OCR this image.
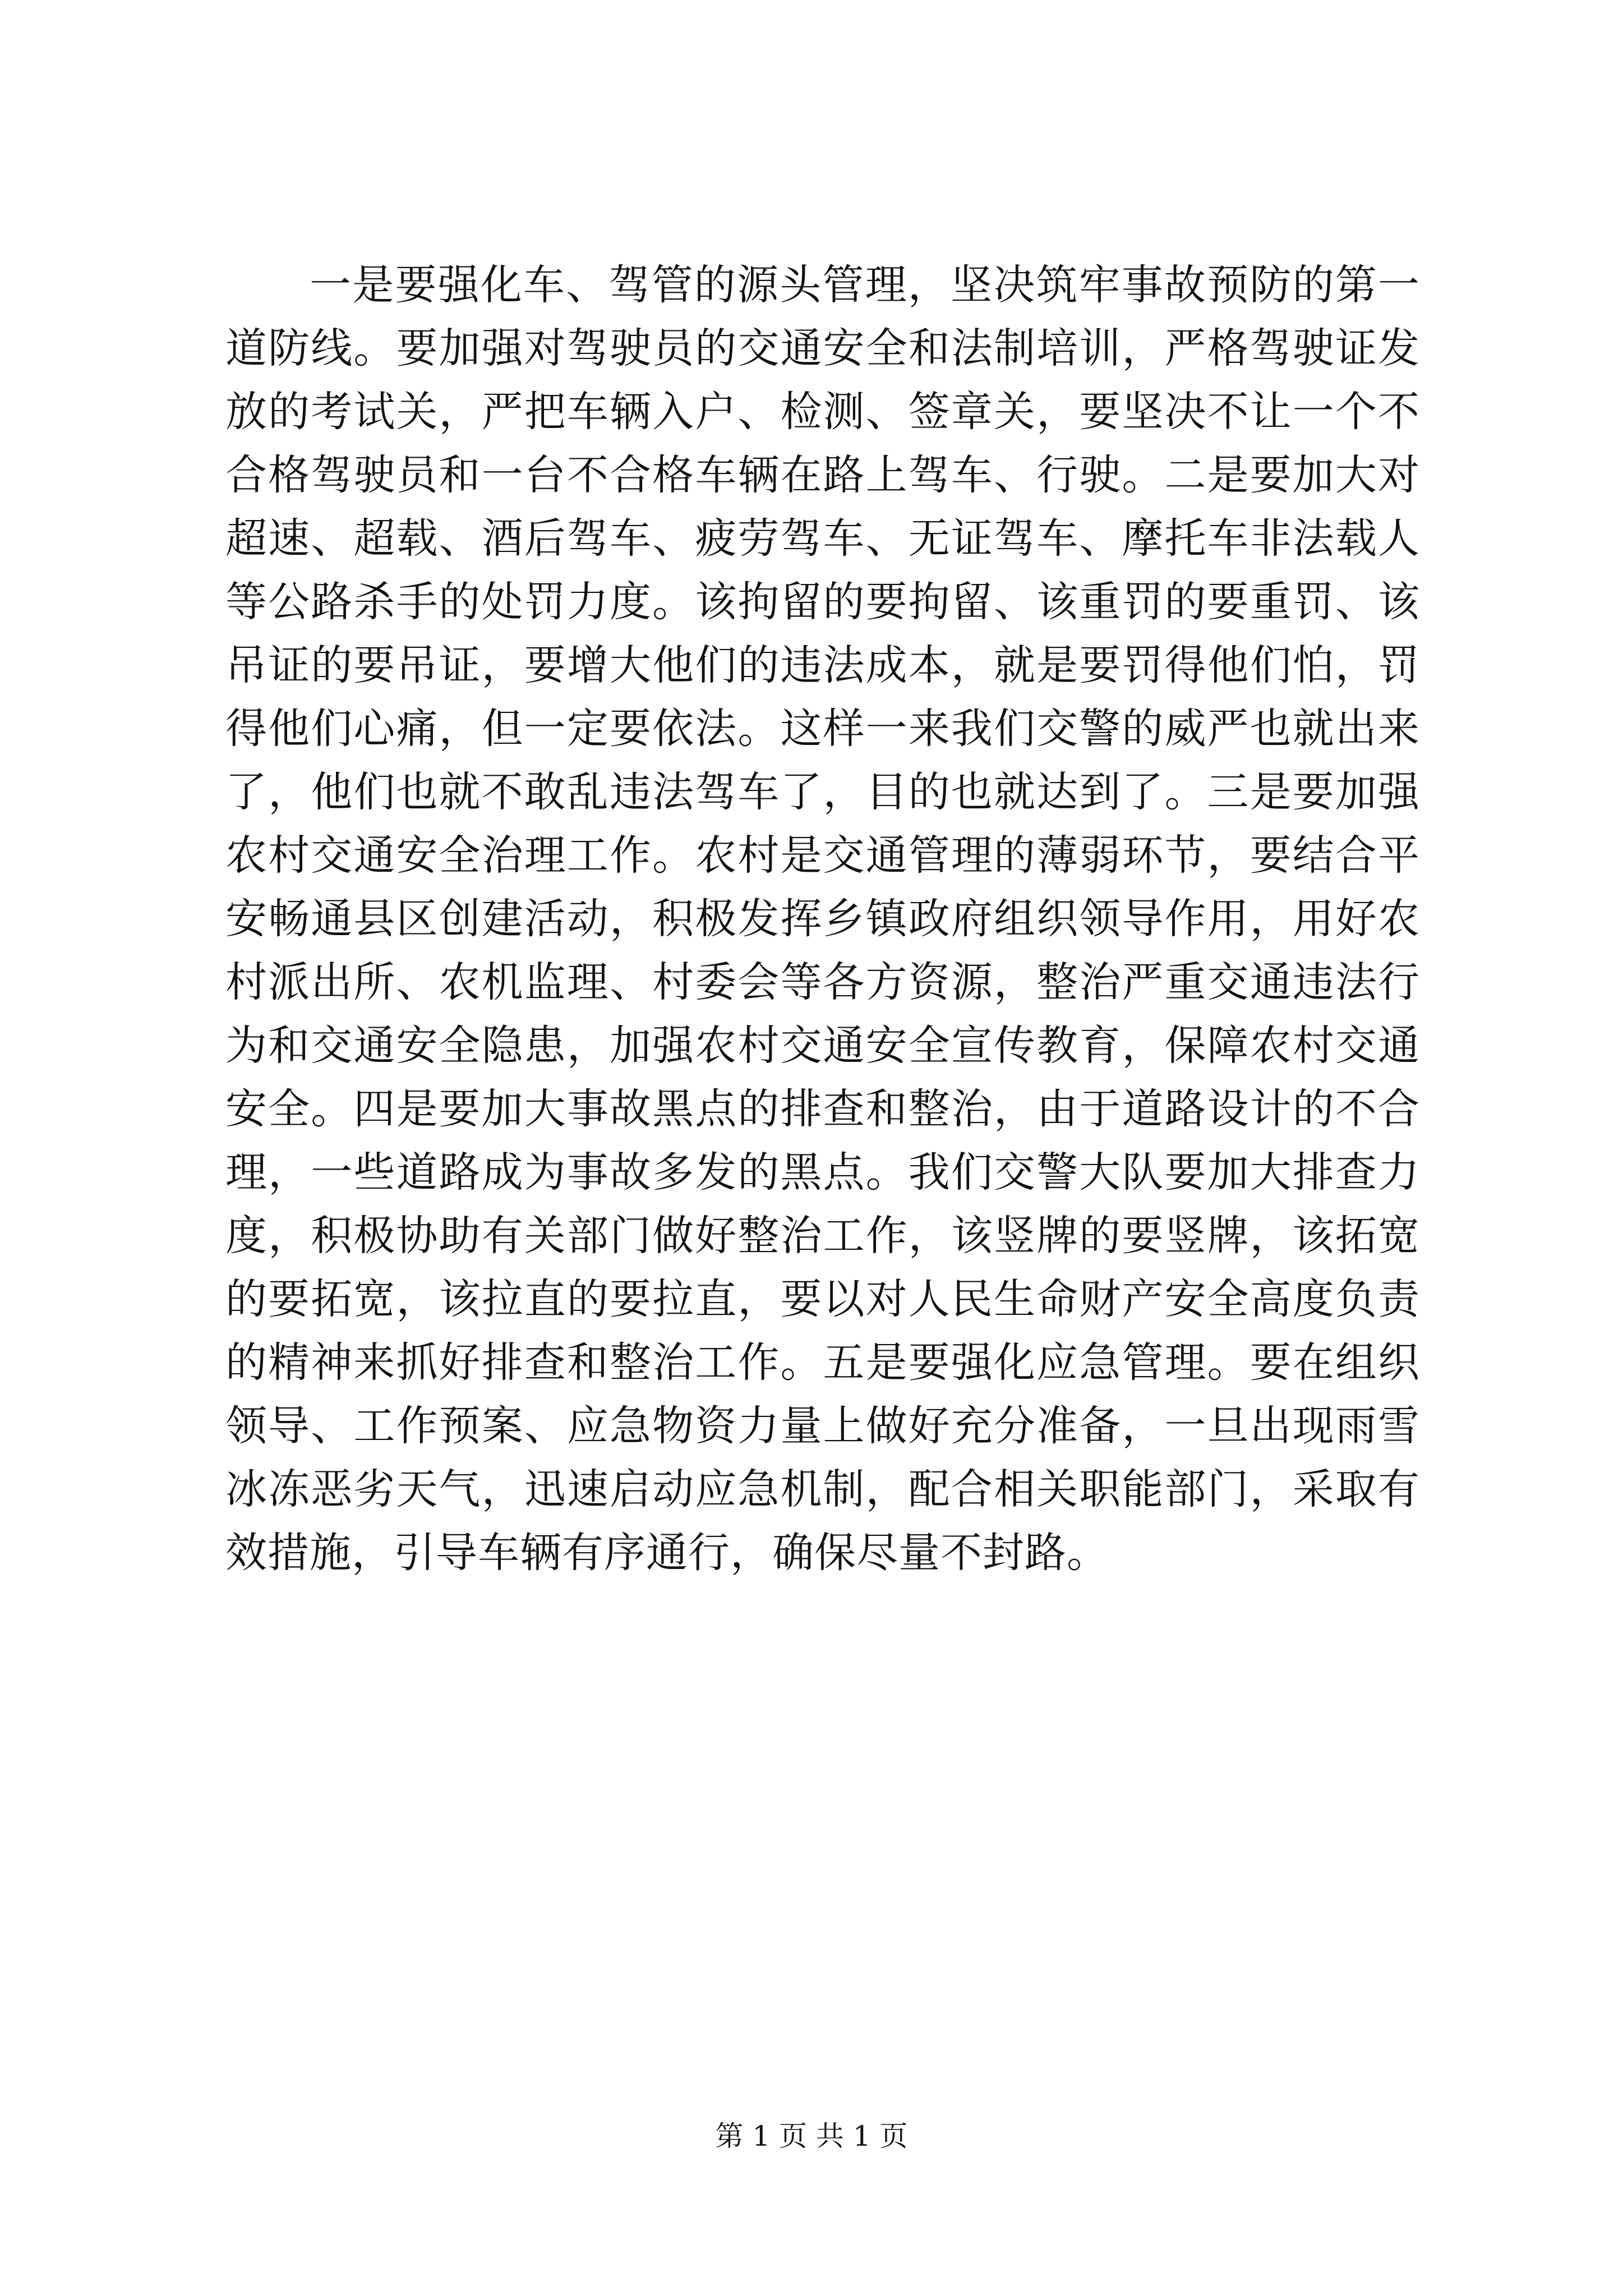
一是要强化车、驾管的源头管理，坚决筑牢事故预防的第一道防线。要加强对驾驶员的交通安全和法制培训，严格驾驶证发放的考试关，严把车辆入户、检测、签章关，要坚决不让一个不合格驾驶员和一台不合格车辆在路上驾车、行驶。二是要加大对超速、超载、酒后驾车、疲劳驾车、无证驾车、摩托车非法载人等公路杀手的处罚力度。该拘留的要拘留、该重罚的要重罚、该吊证的要吊证，要增大他们的违法成本，就是要罚得他们怕，罚得他们心痛，但一定要依法。这样一来我们交警的威严也就出来了，他们也就不敢乱违法驾车了，目的也就达到了。三是要加强农村交通安全治理工作。农村是交通管理的薄弱环节，要结合平安畅通县区创建活动，积极发挥乡镇政府组织领导作用，用好农村派出所、农机监理、村委会等各方资源，整治严重交通违法行为和交通安全隐患，加强农村交通安全宣传教育，保障农村交通安全。四是要加大事故黑点的排查和整治，由于道路设计的不合理，一些道路成为事故多发的黑点。我们交警大队要加大排查力度，积极协助有关部门做好整治工作，该竖牌的要竖牌，该拓宽的要拓宽，该拉直的要拉直，要以对人民生命财产安全高度负责的精神来抓好排查和整治工作。五是要强化应急管理。要在组织领导、工作预案、应急物资力量上做好充分准备，一旦出现雨雪冰冻恶劣天气，迅速启动应急机制，配合相关职能部门，采取有效措施，引导车辆有序通行，确保尽量不封路。

第 1 页 共 1 页
